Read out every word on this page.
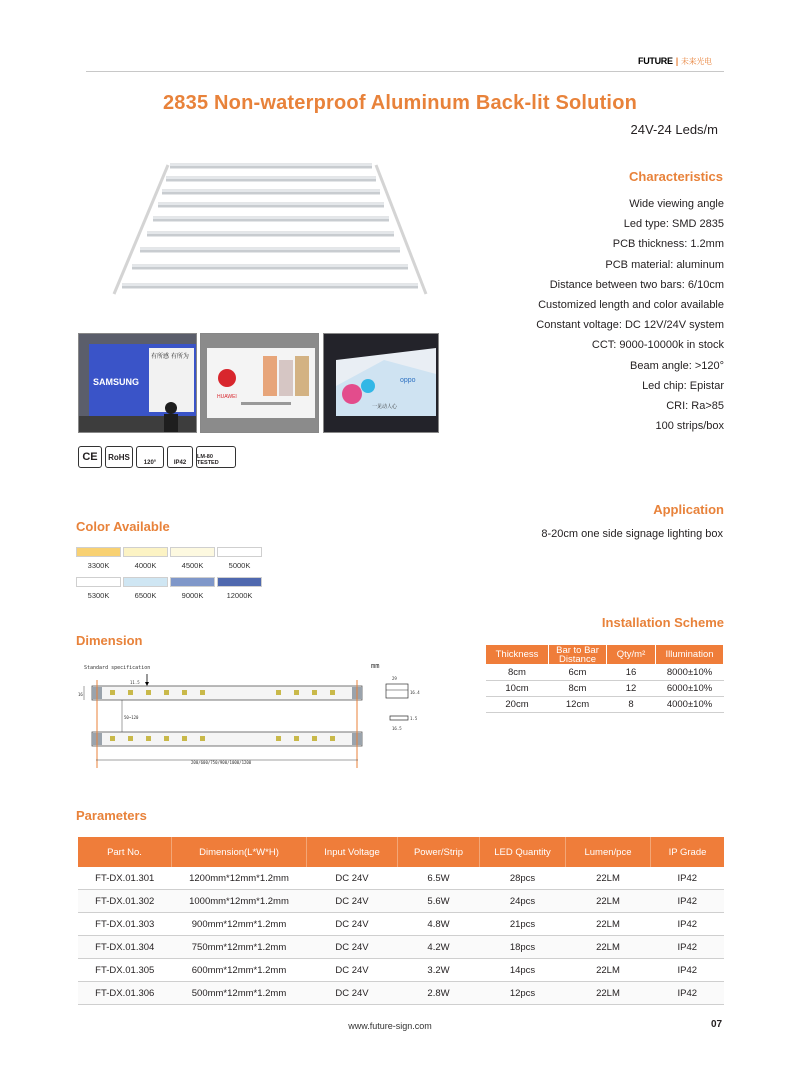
FUTURE | 未来光电
2835 Non-waterproof Aluminum Back-lit Solution
24V-24 Leds/m
Characteristics
Wide viewing angle
Led type: SMD 2835
PCB thickness: 1.2mm
PCB material: aluminum
Distance between two bars: 6/10cm
Customized length and color available
Constant voltage: DC 12V/24V system
CCT: 9000-10000k in stock
Beam angle: >120°
Led chip: Epistar
CRI: Ra>85
100 strips/box
SAMSUNG
有所感 有所为
HUAWEI
oppo
一见动人心
CE	RoHS
120°	IP42
LM-80 TESTED
Application
8-20cm one side signage lighting box
Color Available
3300K	4000K	4500K	5000K
5300K	6500K	9000K	12000K
Installation Scheme
Thickness	Bar to Bar Distance	Qty/m²	Illumination
8cm	6cm	16	8000±10%
10cm	8cm	12	6000±10%
20cm	12cm	8	4000±10%
Dimension
Standard specification	mm
16
11.5
50~120
200/600/750/900/1000/1200
29
16.4
1.5
16.5
Parameters
Part No.	Dimension(L*W*H)	Input Voltage	Power/Strip	LED Quantity	Lumen/pce	IP Grade
FT-DX.01.301	1200mm*12mm*1.2mm	DC 24V	6.5W	28pcs	22LM	IP42
FT-DX.01.302	1000mm*12mm*1.2mm	DC 24V	5.6W	24pcs	22LM	IP42
FT-DX.01.303	900mm*12mm*1.2mm	DC 24V	4.8W	21pcs	22LM	IP42
FT-DX.01.304	750mm*12mm*1.2mm	DC 24V	4.2W	18pcs	22LM	IP42
FT-DX.01.305	600mm*12mm*1.2mm	DC 24V	3.2W	14pcs	22LM	IP42
FT-DX.01.306	500mm*12mm*1.2mm	DC 24V	2.8W	12pcs	22LM	IP42
www.future-sign.com	07
